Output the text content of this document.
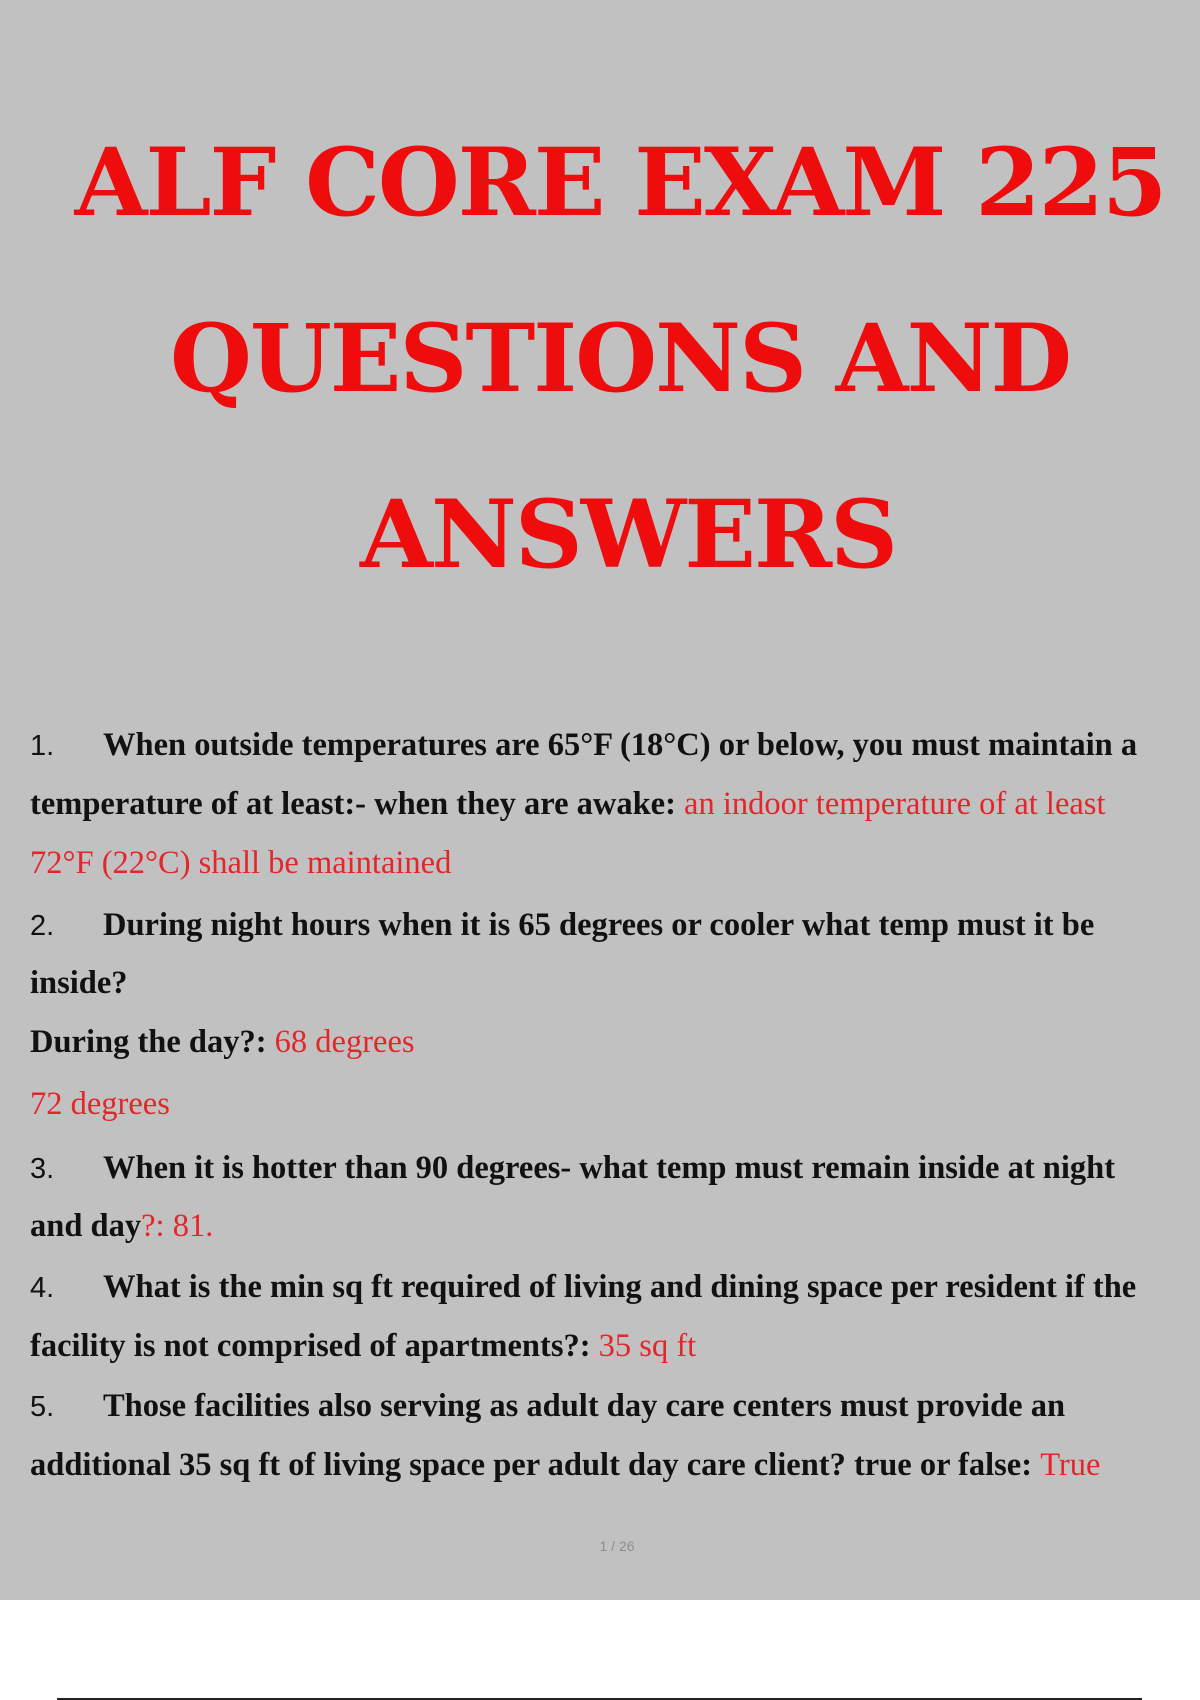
ALF CORE EXAM 225
QUESTIONS AND
ANSWERS
1. When outside temperatures are 65°F (18°C) or below, you must maintain a
temperature of at least:- when they are awake: an indoor temperature of at least
72°F (22°C) shall be maintained
2. During night hours when it is 65 degrees or cooler what temp must it be
inside?
During the day?: 68 degrees
72 degrees
3. When it is hotter than 90 degrees- what temp must remain inside at night
and day?: 81.
4. What is the min sq ft required of living and dining space per resident if the
facility is not comprised of apartments?: 35 sq ft
5. Those facilities also serving as adult day care centers must provide an
additional 35 sq ft of living space per adult day care client? true or false: True
1 / 26
